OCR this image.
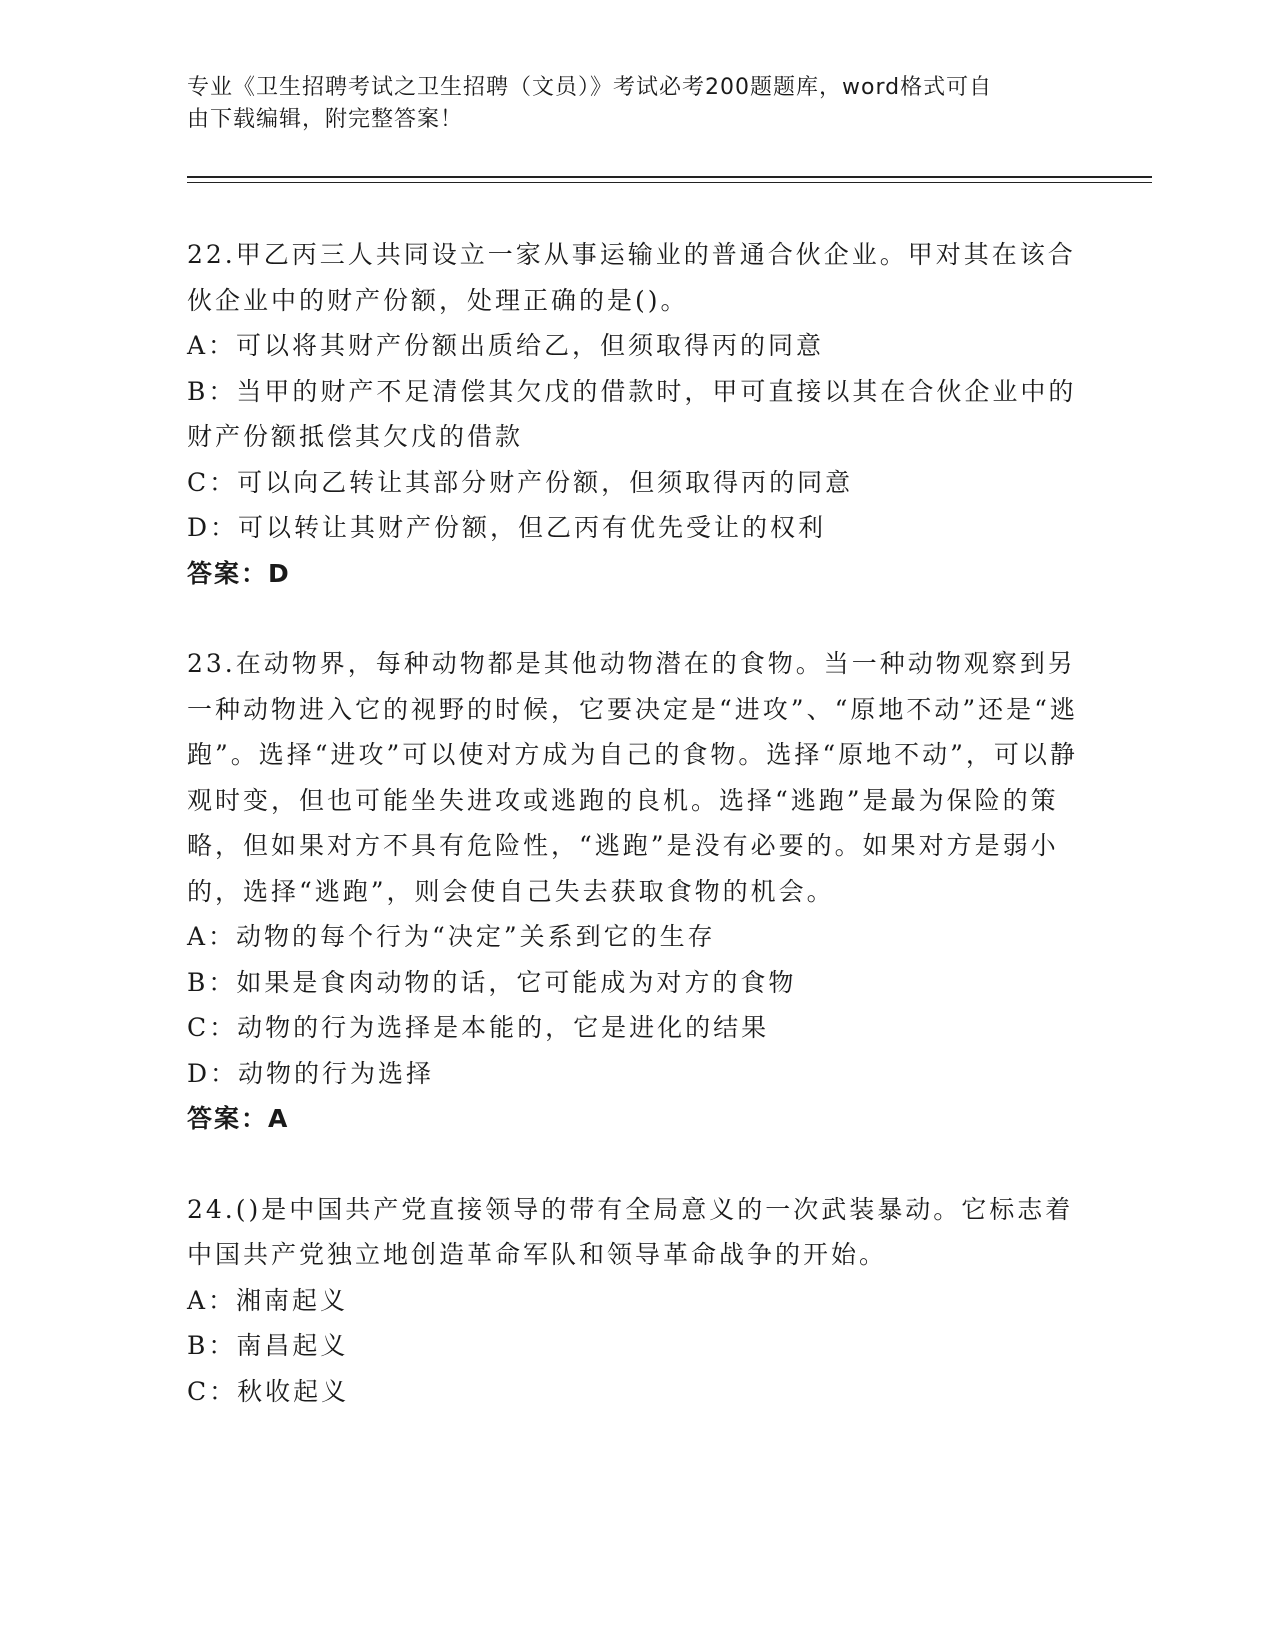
专业《卫生招聘考试之卫生招聘（文员）》考试必考200题题库，word格式可自
由下载编辑，附完整答案！
22.甲乙丙三人共同设立一家从事运输业的普通合伙企业。甲对其在该合伙企业中的财产份额，处理正确的是()。
A：可以将其财产份额出质给乙，但须取得丙的同意
B：当甲的财产不足清偿其欠戊的借款时，甲可直接以其在合伙企业中的财产份额抵偿其欠戊的借款
C：可以向乙转让其部分财产份额，但须取得丙的同意
D：可以转让其财产份额，但乙丙有优先受让的权利
答案：D
23.在动物界，每种动物都是其他动物潜在的食物。当一种动物观察到另一种动物进入它的视野的时候，它要决定是“进攻”、“原地不动”还是“逃跑”。选择“进攻”可以使对方成为自己的食物。选择“原地不动”，可以静观时变，但也可能坐失进攻或逃跑的良机。选择“逃跑”是最为保险的策略，但如果对方不具有危险性，“逃跑”是没有必要的。如果对方是弱小的，选择“逃跑”，则会使自己失去获取食物的机会。
A：动物的每个行为“决定”关系到它的生存
B：如果是食肉动物的话，它可能成为对方的食物
C：动物的行为选择是本能的，它是进化的结果
D：动物的行为选择
答案：A
24.()是中国共产党直接领导的带有全局意义的一次武装暴动。它标志着中国共产党独立地创造革命军队和领导革命战争的开始。
A：湘南起义
B：南昌起义
C：秋收起义
